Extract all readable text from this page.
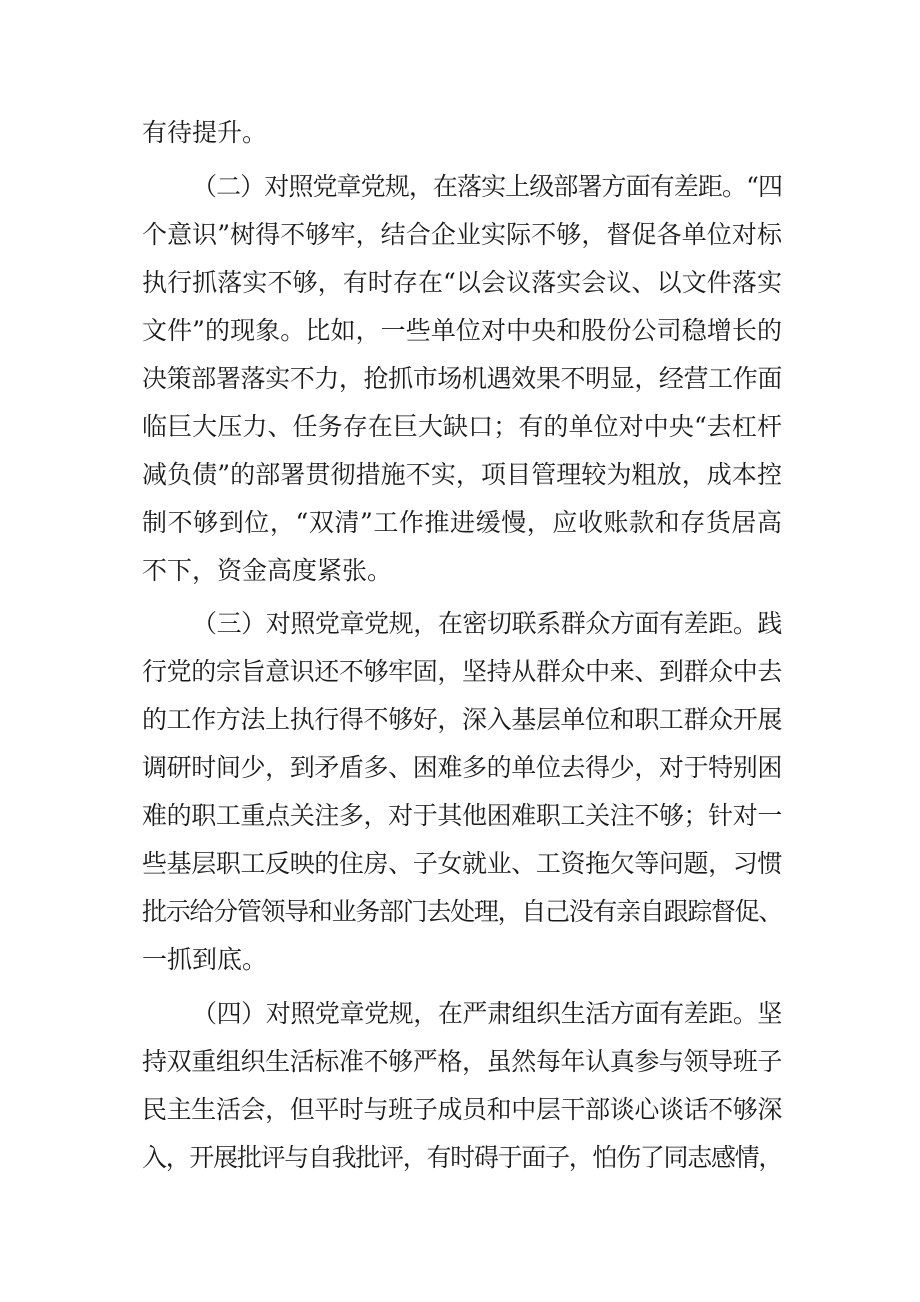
有待提升。
（二）对照党章党规，在落实上级部署方面有差距。“四
个意识”树得不够牢，结合企业实际不够，督促各单位对标
执行抓落实不够，有时存在“以会议落实会议、以文件落实
文件”的现象。比如，一些单位对中央和股份公司稳增长的
决策部署落实不力，抢抓市场机遇效果不明显，经营工作面
临巨大压力、任务存在巨大缺口；有的单位对中央“去杠杆
减负债”的部署贯彻措施不实，项目管理较为粗放，成本控
制不够到位，“双清”工作推进缓慢，应收账款和存货居高
不下，资金高度紧张。
（三）对照党章党规，在密切联系群众方面有差距。践
行党的宗旨意识还不够牢固，坚持从群众中来、到群众中去
的工作方法上执行得不够好，深入基层单位和职工群众开展
调研时间少，到矛盾多、困难多的单位去得少，对于特别困
难的职工重点关注多，对于其他困难职工关注不够；针对一
些基层职工反映的住房、子女就业、工资拖欠等问题，习惯
批示给分管领导和业务部门去处理，自己没有亲自跟踪督促、
一抓到底。
（四）对照党章党规，在严肃组织生活方面有差距。坚
持双重组织生活标准不够严格，虽然每年认真参与领导班子
民主生活会，但平时与班子成员和中层干部谈心谈话不够深
入，开展批评与自我批评，有时碍于面子，怕伤了同志感情，
